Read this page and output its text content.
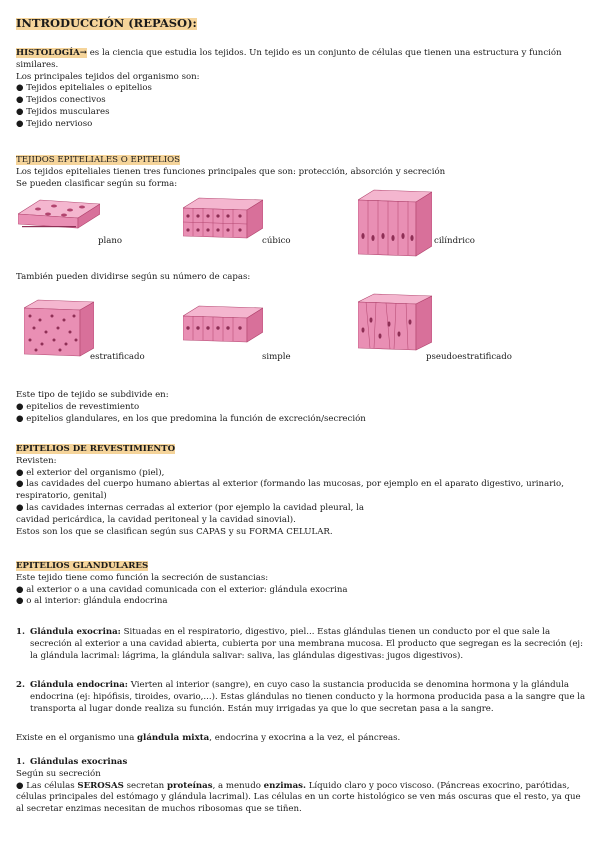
INTRODUCCIÓN (REPASO):
HISTOLOGÍA→ es la ciencia que estudia los tejidos. Un tejido es un conjunto de células que tienen una estructura y función similares.
Los principales tejidos del organismo son:
● Tejidos epiteliales o epitelios
● Tejidos conectivos
● Tejidos musculares
● Tejido nervioso
TEJIDOS EPITELIALES O EPITELIOS
Los tejidos epiteliales tienen tres funciones principales que son: protección, absorción y secreción
Se pueden clasificar según su forma:
plano	cúbico	cilíndrico
También pueden dividirse según su número de capas:
estratificado	simple	pseudoestratificado
Este tipo de tejido se subdivide en:
● epitelios de revestimiento
● epitelios glandulares, en los que predomina la función de excreción/secreción
EPITELIOS DE REVESTIMIENTO
Revisten:
● el exterior del organismo (piel),
● las cavidades del cuerpo humano abiertas al exterior (formando las mucosas, por ejemplo en el aparato digestivo, urinario, respiratorio, genital)
● las cavidades internas cerradas al exterior (por ejemplo la cavidad pleural, la
cavidad pericárdica, la cavidad peritoneal y la cavidad sinovial).
Estos son los que se clasifican según sus CAPAS y su FORMA CELULAR.
EPITELIOS GLANDULARES
Este tejido tiene como función la secreción de sustancias:
● al exterior o a una cavidad comunicada con el exterior: glándula exocrina
● o al interior: glándula endocrina
1. Glándula exocrina: Situadas en el respiratorio, digestivo, piel... Estas glándulas tienen un conducto por el que sale la secreción al exterior a una cavidad abierta, cubierta por una membrana mucosa. El producto que segregan es la secreción (ej: la glándula lacrimal: lágrima, la glándula salivar: saliva, las glándulas digestivas: jugos digestivos).
2. Glándula endocrina: Vierten al interior (sangre), en cuyo caso la sustancia producida se denomina hormona y la glándula endocrina (ej: hipófisis, tiroides, ovario,...). Estas glándulas no tienen conducto y la hormona producida pasa a la sangre que la transporta al lugar donde realiza su función. Están muy irrigadas ya que lo que secretan pasa a la sangre.
Existe en el organismo una glándula mixta, endocrina y exocrina a la vez, el páncreas.
1. Glándulas exocrinas
Según su secreción
● Las células SEROSAS secretan proteínas, a menudo enzimas. Líquido claro y poco viscoso. (Páncreas exocrino, parótidas, células principales del estómago y glándula lacrimal). Las células en un corte histológico se ven más oscuras que el resto, ya que al secretar enzimas necesitan de muchos ribosomas que se tiñen.
